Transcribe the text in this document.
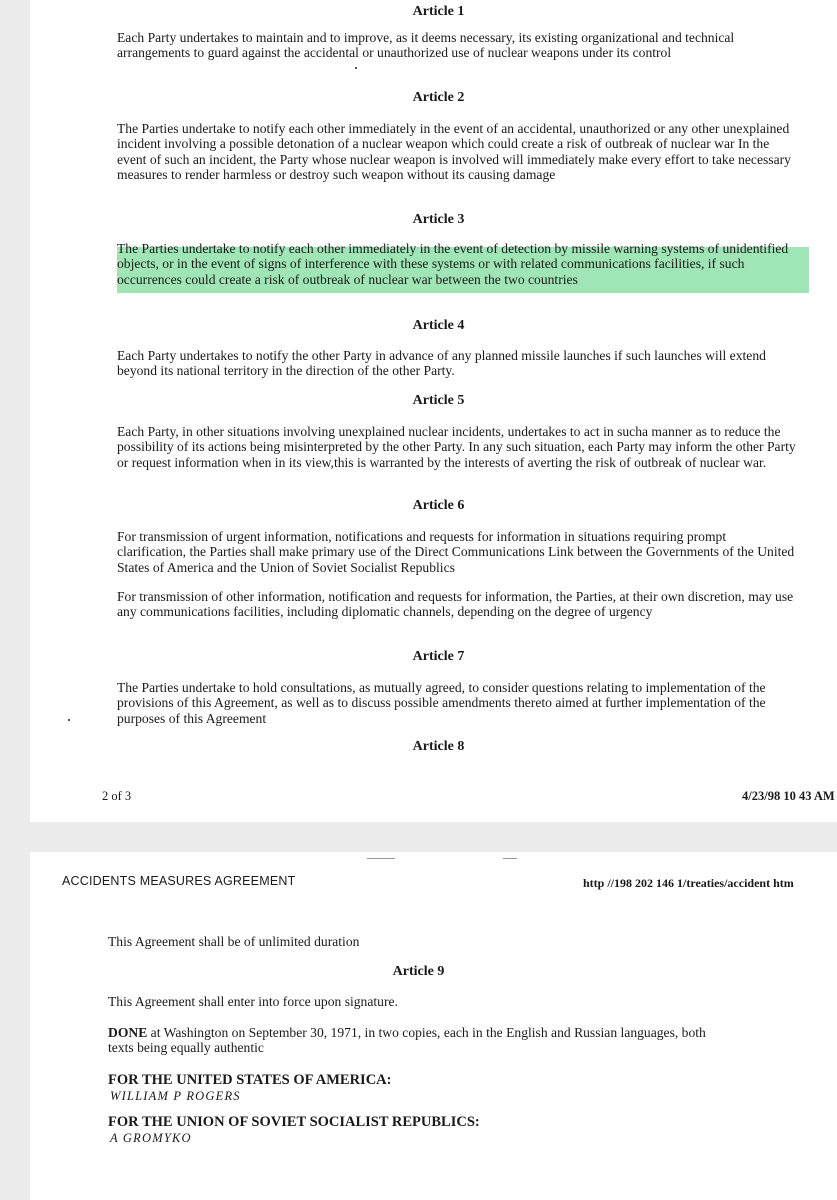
Article 1

Each Party undertakes to maintain and to improve, as it deems necessary, its existing organizational and technical arrangements to guard against the accidental or unauthorized use of nuclear weapons under its control

Article 2

The Parties undertake to notify each other immediately in the event of an accidental, unauthorized or any other unexplained incident involving a possible detonation of a nuclear weapon which could create a risk of outbreak of nuclear war In the event of such an incident, the Party whose nuclear weapon is involved will immediately make every effort to take necessary measures to render harmless or destroy such weapon without its causing damage

Article 3

The Parties undertake to notify each other immediately in the event of detection by missile warning systems of unidentified objects, or in the event of signs of interference with these systems or with related communications facilities, if such occurrences could create a risk of outbreak of nuclear war between the two countries

Article 4

Each Party undertakes to notify the other Party in advance of any planned missile launches if such launches will extend beyond its national territory in the direction of the other Party.

Article 5

Each Party, in other situations involving unexplained nuclear incidents, undertakes to act in sucha manner as to reduce the possibility of its actions being misinterpreted by the other Party. In any such situation, each Party may inform the other Party or request information when in its view,this is warranted by the interests of averting the risk of outbreak of nuclear war.

Article 6

For transmission of urgent information, notifications and requests for information in situations requiring prompt clarification, the Parties shall make primary use of the Direct Communications Link between the Governments of the United States of America and the Union of Soviet Socialist Republics

For transmission of other information, notification and requests for information, the Parties, at their own discretion, may use any communications facilities, including diplomatic channels, depending on the degree of urgency

Article 7

The Parties undertake to hold consultations, as mutually agreed, to consider questions relating to implementation of the provisions of this Agreement, as well as to discuss possible amendments thereto aimed at further implementation of the purposes of this Agreement

Article 8

2 of 3	4/23/98 10 43 AM
ACCIDENTS MEASURES AGREEMENT	http //198 202 146 1/treaties/accident htm

This Agreement shall be of unlimited duration

Article 9

This Agreement shall enter into force upon signature.

DONE at Washington on September 30, 1971, in two copies, each in the English and Russian languages, both texts being equally authentic

FOR THE UNITED STATES OF AMERICA:

WILLIAM P ROGERS

FOR THE UNION OF SOVIET SOCIALIST REPUBLICS:

A GROMYKO
